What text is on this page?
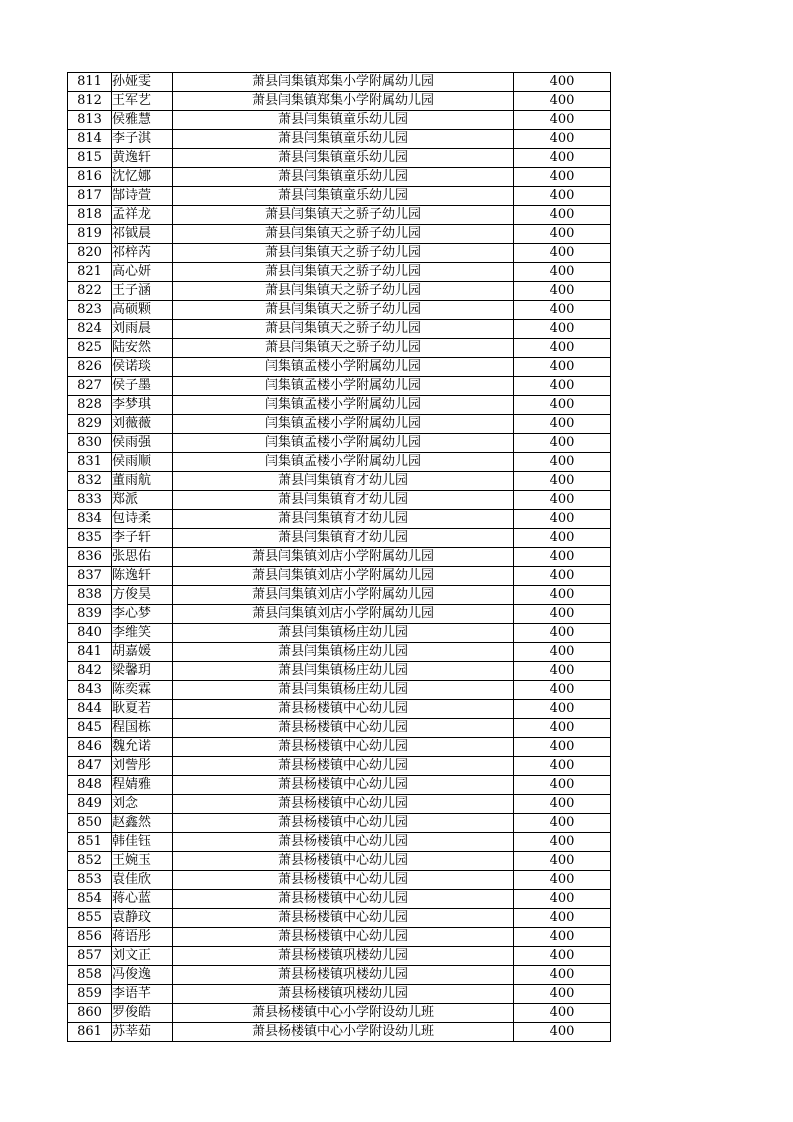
811	孙娅雯	萧县闫集镇郑集小学附属幼儿园	400
812	王军艺	萧县闫集镇郑集小学附属幼儿园	400
813	侯雅慧	萧县闫集镇童乐幼儿园	400
814	李子淇	萧县闫集镇童乐幼儿园	400
815	黄逸轩	萧县闫集镇童乐幼儿园	400
816	沈忆娜	萧县闫集镇童乐幼儿园	400
817	郜诗萱	萧县闫集镇童乐幼儿园	400
818	孟祥龙	萧县闫集镇天之骄子幼儿园	400
819	祁钺晨	萧县闫集镇天之骄子幼儿园	400
820	祁梓芮	萧县闫集镇天之骄子幼儿园	400
821	高心妍	萧县闫集镇天之骄子幼儿园	400
822	王子涵	萧县闫集镇天之骄子幼儿园	400
823	高硕颗	萧县闫集镇天之骄子幼儿园	400
824	刘雨晨	萧县闫集镇天之骄子幼儿园	400
825	陆安然	萧县闫集镇天之骄子幼儿园	400
826	侯诺琰	闫集镇孟楼小学附属幼儿园	400
827	侯子墨	闫集镇孟楼小学附属幼儿园	400
828	李梦琪	闫集镇孟楼小学附属幼儿园	400
829	刘薇薇	闫集镇孟楼小学附属幼儿园	400
830	侯雨强	闫集镇孟楼小学附属幼儿园	400
831	侯雨顺	闫集镇孟楼小学附属幼儿园	400
832	董雨航	萧县闫集镇育才幼儿园	400
833	郑派	萧县闫集镇育才幼儿园	400
834	包诗柔	萧县闫集镇育才幼儿园	400
835	李子轩	萧县闫集镇育才幼儿园	400
836	张思佑	萧县闫集镇刘店小学附属幼儿园	400
837	陈逸轩	萧县闫集镇刘店小学附属幼儿园	400
838	方俊昊	萧县闫集镇刘店小学附属幼儿园	400
839	李心梦	萧县闫集镇刘店小学附属幼儿园	400
840	李维笑	萧县闫集镇杨庄幼儿园	400
841	胡嘉媛	萧县闫集镇杨庄幼儿园	400
842	梁馨玥	萧县闫集镇杨庄幼儿园	400
843	陈奕霖	萧县闫集镇杨庄幼儿园	400
844	耿夏若	萧县杨楼镇中心幼儿园	400
845	程国栋	萧县杨楼镇中心幼儿园	400
846	魏允诺	萧县杨楼镇中心幼儿园	400
847	刘訾彤	萧县杨楼镇中心幼儿园	400
848	程婧雅	萧县杨楼镇中心幼儿园	400
849	刘念	萧县杨楼镇中心幼儿园	400
850	赵鑫然	萧县杨楼镇中心幼儿园	400
851	韩佳钰	萧县杨楼镇中心幼儿园	400
852	王婉玉	萧县杨楼镇中心幼儿园	400
853	袁佳欣	萧县杨楼镇中心幼儿园	400
854	蒋心蓝	萧县杨楼镇中心幼儿园	400
855	袁静玟	萧县杨楼镇中心幼儿园	400
856	蒋语彤	萧县杨楼镇中心幼儿园	400
857	刘文正	萧县杨楼镇巩楼幼儿园	400
858	冯俊逸	萧县杨楼镇巩楼幼儿园	400
859	李语芊	萧县杨楼镇巩楼幼儿园	400
860	罗俊皓	萧县杨楼镇中心小学附设幼儿班	400
861	苏莘茹	萧县杨楼镇中心小学附设幼儿班	400
